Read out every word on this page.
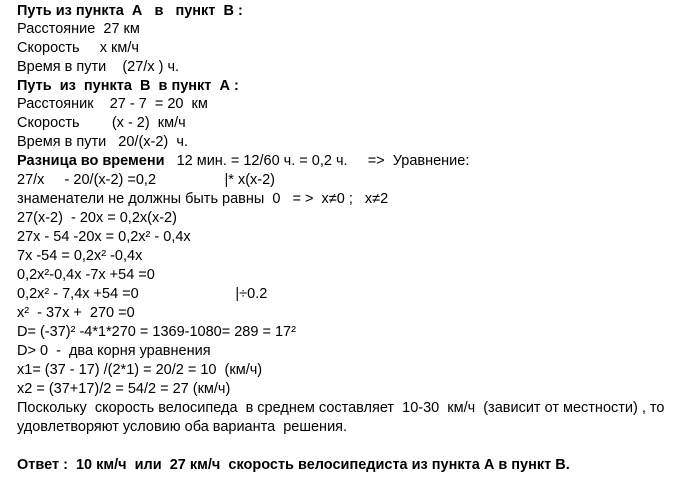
Путь из пункта  А   в   пункт  В :

Расстояние  27 км

Скорость     х км/ч

Время в пути    (27/х ) ч.

Путь  из  пункта  В  в пункт  А :

Расстояник    27 - 7  = 20  км

Скорость        (х - 2)  км/ч

Время в пути   20/(х-2)  ч.

Разница во времени   12 мин. = 12/60 ч. = 0,2 ч.     =>  Уравнение:

27/х     - 20/(х-2) =0,2                 |* х(х-2)

знаменатели не должны быть равны  0   = >  х≠0 ;   х≠2

27(х-2)  - 20х = 0,2х(х-2)

27х - 54 -20х = 0,2х² - 0,4х

7х -54 = 0,2х² -0,4х

0,2х²-0,4х -7х +54 =0

0,2х² - 7,4х +54 =0                        |÷0.2

х²  - 37х +  270 =0

D= (-37)² -4*1*270 = 1369-1080= 289 = 17²

D> 0  -  два корня уравнения

х1= (37 - 17) /(2*1) = 20/2 = 10  (км/ч)

х2 = (37+17)/2 = 54/2 = 27 (км/ч)

Поскольку  скорость велосипеда  в среднем составляет  10-30  км/ч  (зависит от местности) , то

удовлетворяют условию оба варианта  решения.

Ответ :  10 км/ч  или  27 км/ч  скорость велосипедиста из пункта А в пункт В.
